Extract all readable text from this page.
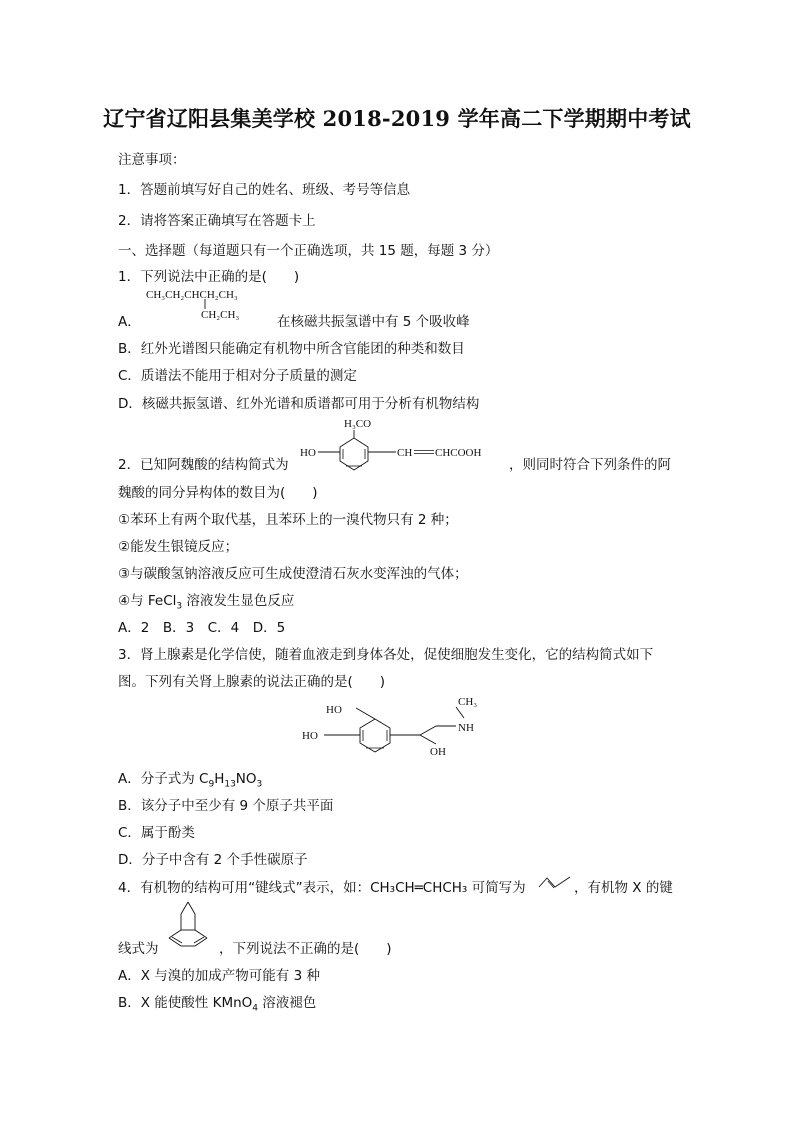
辽宁省辽阳县集美学校 2018-2019 学年高二下学期期中考试
注意事项：
1．答题前填写好自己的姓名、班级、考号等信息
2．请将答案正确填写在答题卡上
一、选择题（每道题只有一个正确选项，共 15 题，每题 3 分）
1．下列说法中正确的是(　　)
CH₃CH₂CHCH₂CH₃
CH₂CH₃
A．	在核磁共振氢谱中有 5 个吸收峰
B．红外光谱图只能确定有机物中所含官能团的种类和数目
C．质谱法不能用于相对分子质量的测定
D．核磁共振氢谱、红外光谱和质谱都可用于分析有机物结构
2．已知阿魏酸的结构简式为
H₃CO
HO	CH CHCOOH
，则同时符合下列条件的阿
魏酸的同分异构体的数目为(　　)
①苯环上有两个取代基，且苯环上的一溴代物只有 2 种；
②能发生银镜反应；
③与碳酸氢钠溶液反应可生成使澄清石灰水变浑浊的气体；
④与 FeCl$_3$ 溶液发生显色反应
A．2　B．3　C．4　D．5
3．肾上腺素是化学信使，随着血液走到身体各处，促使细胞发生变化，它的结构简式如下
图。下列有关肾上腺素的说法正确的是(　　)
HO
HO
CH₃
NH
OH
A．分子式为 $C_9H_{13}NO_3$
B．该分子中至少有 9 个原子共平面
C．属于酚类
D．分子中含有 2 个手性碳原子
4．有机物的结构可用“键线式”表示，如：CH₃CH═CHCH₃ 可简写为	，有机物 X 的键
线式为	，下列说法不正确的是(　　)
A．X 与溴的加成产物可能有 3 种
B．X 能使酸性 KMnO$_4$ 溶液褪色
